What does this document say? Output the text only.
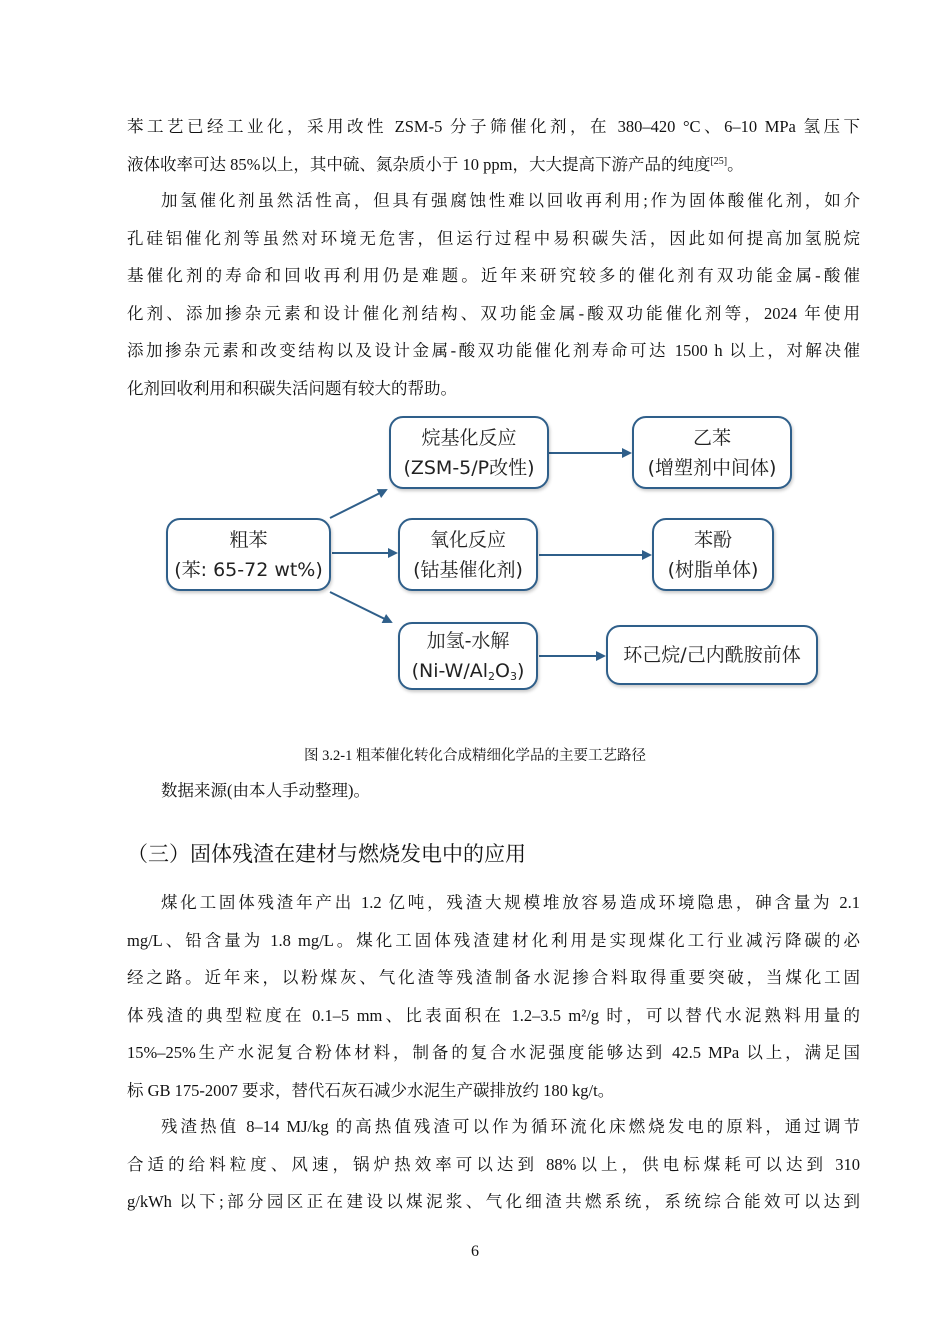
苯工艺已经工业化，采用改性 ZSM-5 分子筛催化剂，在 380–420 °C、6–10 MPa 氢压下
液体收率可达 85%以上，其中硫、氮杂质小于 10 ppm，大大提高下游产品的纯度[25]。
加氢催化剂虽然活性高，但具有强腐蚀性难以回收再利用;作为固体酸催化剂，如介
孔硅铝催化剂等虽然对环境无危害，但运行过程中易积碳失活，因此如何提高加氢脱烷
基催化剂的寿命和回收再利用仍是难题。近年来研究较多的催化剂有双功能金属-酸催
化剂、添加掺杂元素和设计催化剂结构、双功能金属-酸双功能催化剂等，2024 年使用
添加掺杂元素和改变结构以及设计金属-酸双功能催化剂寿命可达 1500 h 以上，对解决催
化剂回收利用和积碳失活问题有较大的帮助。
粗苯
(苯: 65-72 wt%)
烷基化反应
(ZSM-5/P改性)
乙苯
(增塑剂中间体)
氧化反应
(钴基催化剂)
苯酚
(树脂单体)
加氢-水解
$(Ni-W/Al_2O_3)$
环己烷/己内酰胺前体
图 3.2-1 粗苯催化转化合成精细化学品的主要工艺路径
数据来源(由本人手动整理)。
（三）固体残渣在建材与燃烧发电中的应用
煤化工固体残渣年产出 1.2 亿吨，残渣大规模堆放容易造成环境隐患，砷含量为 2.1
mg/L、铅含量为 1.8 mg/L。煤化工固体残渣建材化利用是实现煤化工行业减污降碳的必
经之路。近年来，以粉煤灰、气化渣等残渣制备水泥掺合料取得重要突破，当煤化工固
体残渣的典型粒度在 0.1–5 mm、比表面积在 1.2–3.5 m²/g 时，可以替代水泥熟料用量的
15%–25%生产水泥复合粉体材料，制备的复合水泥强度能够达到 42.5 MPa 以上，满足国
标 GB 175-2007 要求，替代石灰石减少水泥生产碳排放约 180 kg/t。
残渣热值 8–14 MJ/kg 的高热值残渣可以作为循环流化床燃烧发电的原料，通过调节
合适的给料粒度、风速，锅炉热效率可以达到 88%以上，供电标煤耗可以达到 310
g/kWh 以下;部分园区正在建设以煤泥浆、气化细渣共燃系统，系统综合能效可以达到
6
